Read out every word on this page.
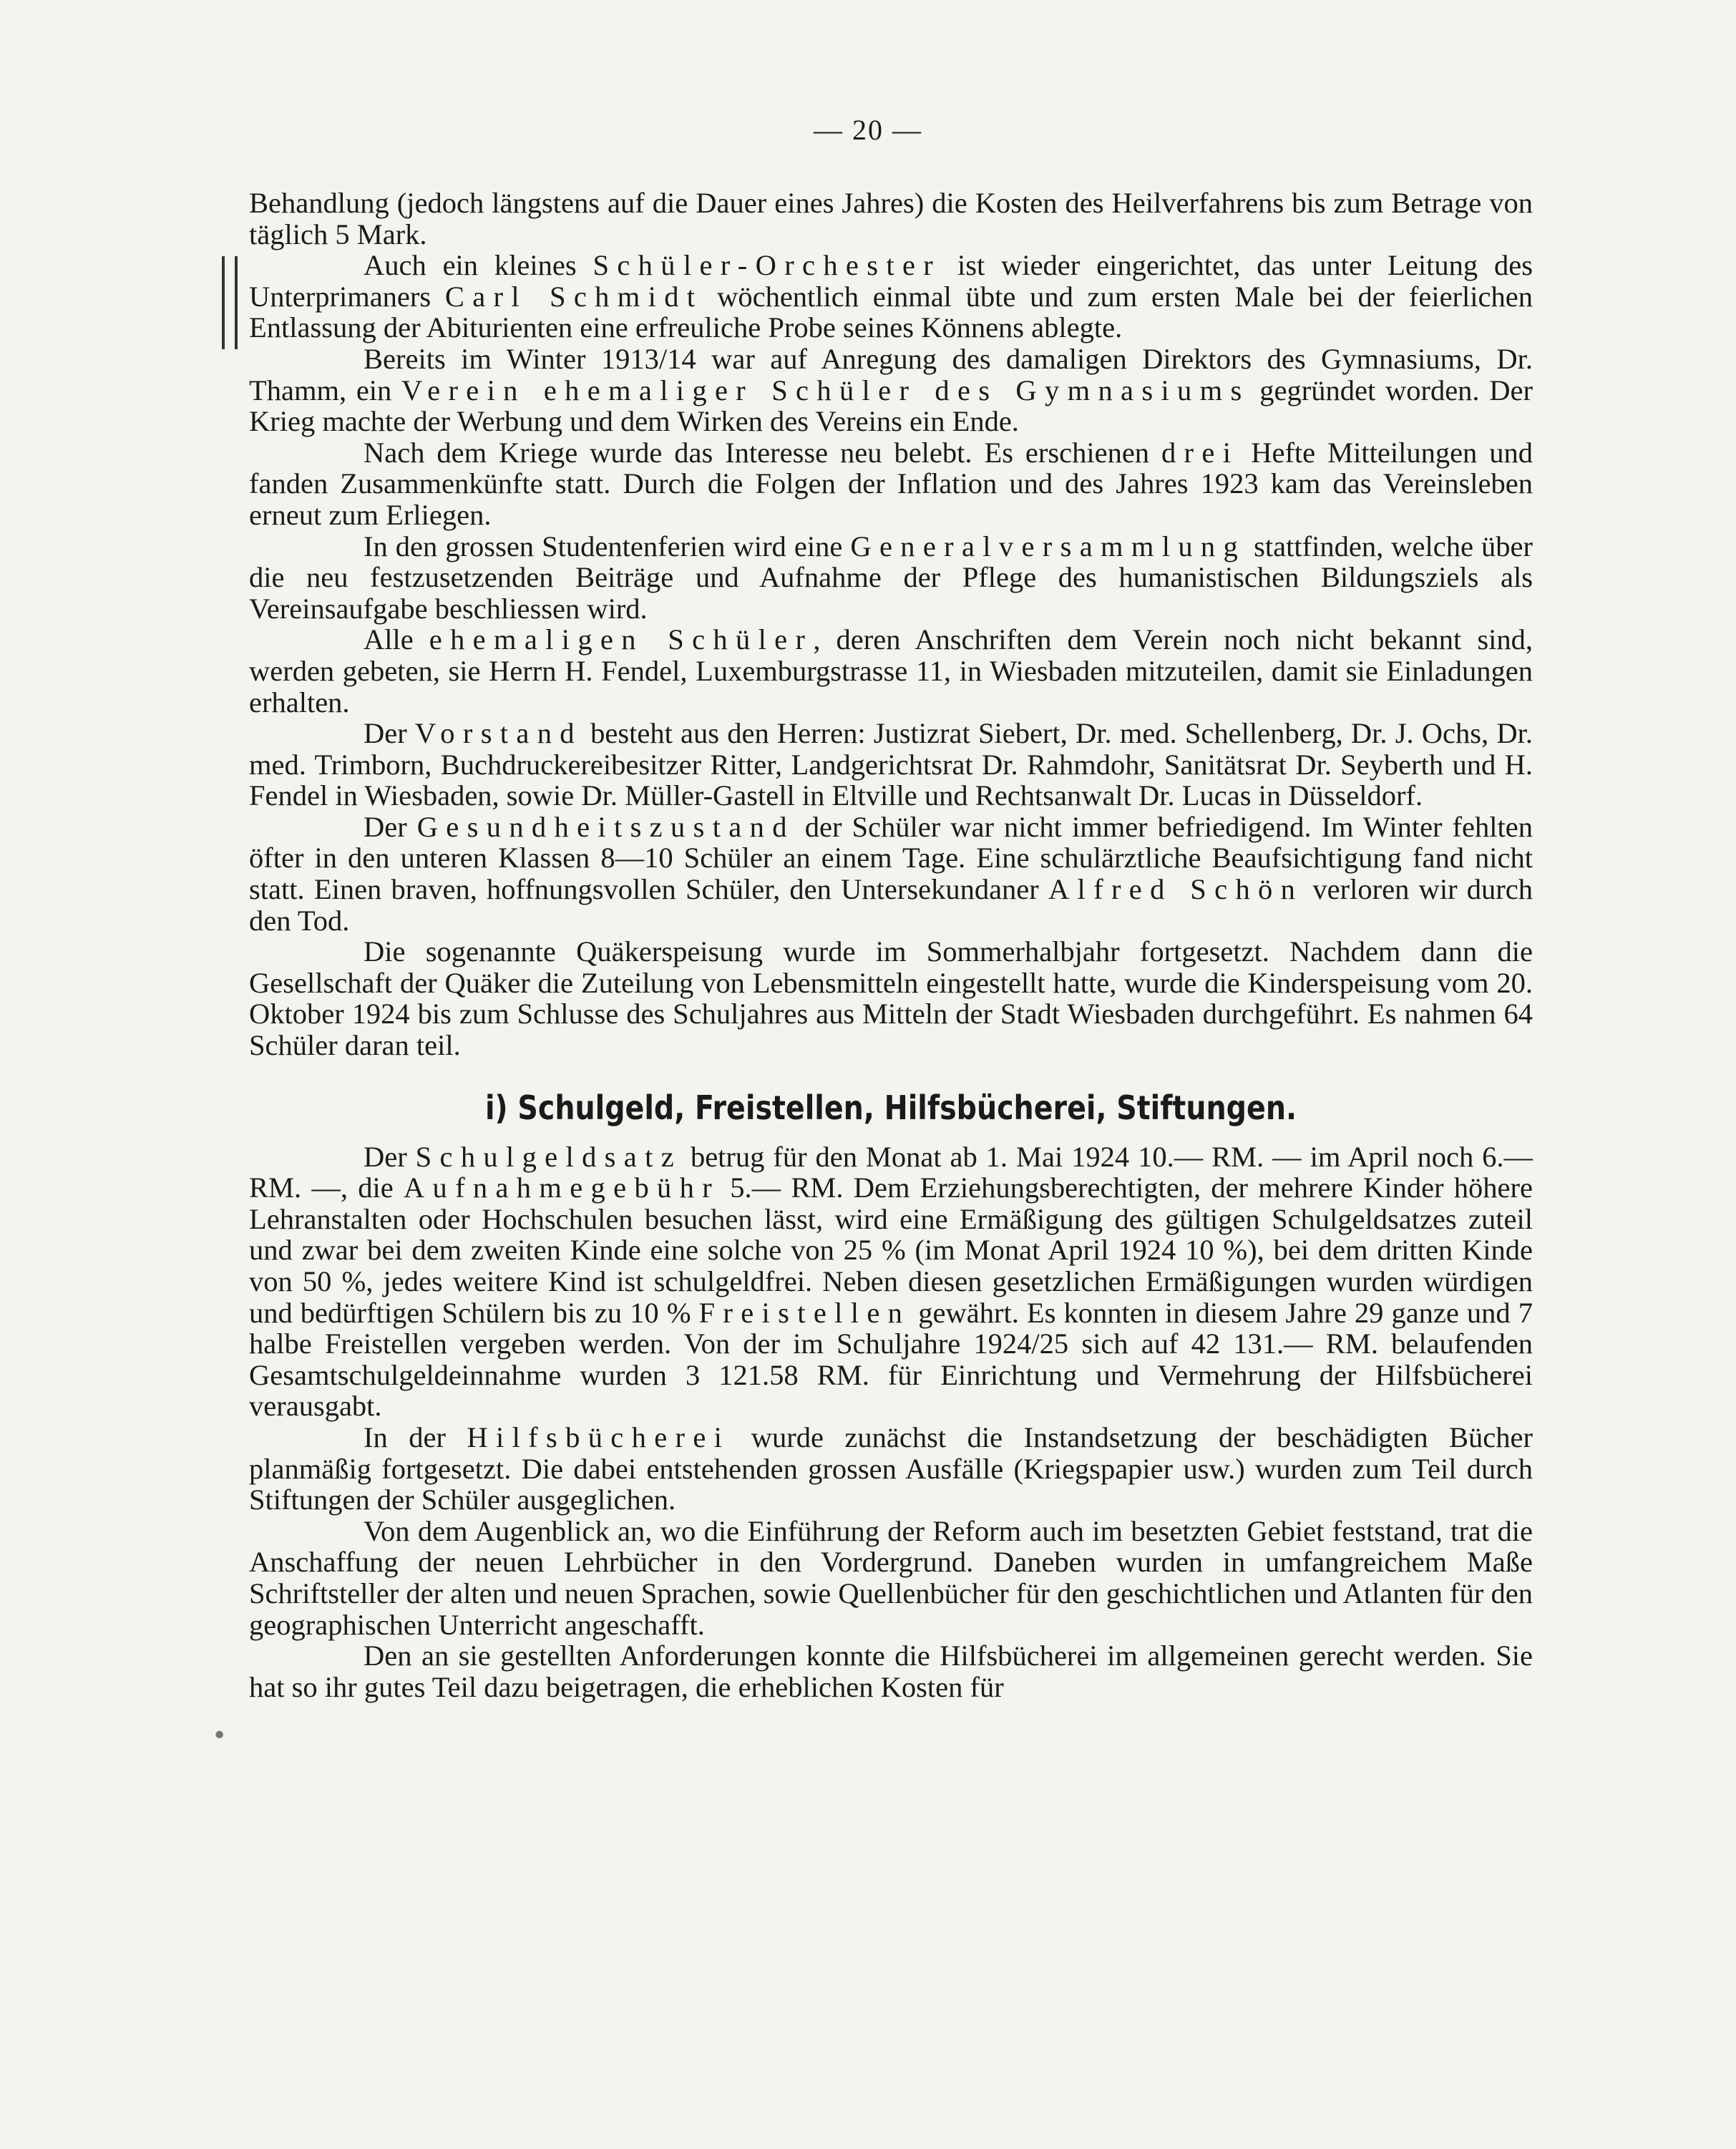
— 20 —
•

Behandlung (jedoch längstens auf die Dauer eines Jahres) die Kosten des Heilverfahrens bis zum Betrage von täglich 5 Mark.

Auch ein kleines Schüler-Orchester ist wieder eingerichtet, das unter Leitung des Unterprimaners Carl Schmidt wöchentlich einmal übte und zum ersten Male bei der feierlichen Entlassung der Abiturienten eine erfreuliche Probe seines Könnens ablegte.

Bereits im Winter 1913/14 war auf Anregung des damaligen Direktors des Gymnasiums, Dr. Thamm, ein Verein ehemaliger Schüler des Gymnasiums gegründet worden. Der Krieg machte der Werbung und dem Wirken des Vereins ein Ende.

Nach dem Kriege wurde das Interesse neu belebt. Es erschienen drei Hefte Mitteilungen und fanden Zusammenkünfte statt. Durch die Folgen der Inflation und des Jahres 1923 kam das Vereinsleben erneut zum Erliegen.

In den grossen Studentenferien wird eine Generalversammlung stattfinden, welche über die neu festzusetzenden Beiträge und Aufnahme der Pflege des humanistischen Bildungsziels als Vereinsaufgabe beschliessen wird.

Alle ehemaligen Schüler, deren Anschriften dem Verein noch nicht bekannt sind, werden gebeten, sie Herrn H. Fendel, Luxemburgstrasse 11, in Wiesbaden mitzuteilen, damit sie Einladungen erhalten.

Der Vorstand besteht aus den Herren: Justizrat Siebert, Dr. med. Schellenberg, Dr. J. Ochs, Dr. med. Trimborn, Buchdruckereibesitzer Ritter, Landgerichtsrat Dr. Rahmdohr, Sanitätsrat Dr. Seyberth und H. Fendel in Wiesbaden, sowie Dr. Müller-Gastell in Eltville und Rechtsanwalt Dr. Lucas in Düsseldorf.

Der Gesundheitszustand der Schüler war nicht immer befriedigend. Im Winter fehlten öfter in den unteren Klassen 8—10 Schüler an einem Tage. Eine schulärztliche Beaufsichtigung fand nicht statt. Einen braven, hoffnungsvollen Schüler, den Untersekundaner Alfred Schön verloren wir durch den Tod.

Die sogenannte Quäkerspeisung wurde im Sommerhalbjahr fortgesetzt. Nachdem dann die Gesellschaft der Quäker die Zuteilung von Lebensmitteln eingestellt hatte, wurde die Kinderspeisung vom 20. Oktober 1924 bis zum Schlusse des Schuljahres aus Mitteln der Stadt Wiesbaden durchgeführt. Es nahmen 64 Schüler daran teil.

i) Schulgeld, Freistellen, Hilfsbücherei, Stiftungen.

Der Schulgeldsatz betrug für den Monat ab 1. Mai 1924 10.— RM. — im April noch 6.— RM. —, die Aufnahmegebühr 5.— RM. Dem Erziehungsberechtigten, der mehrere Kinder höhere Lehranstalten oder Hochschulen besuchen lässt, wird eine Ermäßigung des gültigen Schulgeldsatzes zuteil und zwar bei dem zweiten Kinde eine solche von 25 % (im Monat April 1924 10 %), bei dem dritten Kinde von 50 %, jedes weitere Kind ist schulgeldfrei. Neben diesen gesetzlichen Ermäßigungen wurden würdigen und bedürftigen Schülern bis zu 10 % Freistellen gewährt. Es konnten in diesem Jahre 29 ganze und 7 halbe Freistellen vergeben werden. Von der im Schuljahre 1924/25 sich auf 42 131.— RM. belaufenden Gesamtschulgeldeinnahme wurden 3 121.58 RM. für Einrichtung und Vermehrung der Hilfsbücherei verausgabt.

In der Hilfsbücherei wurde zunächst die Instandsetzung der beschädigten Bücher planmäßig fortgesetzt. Die dabei entstehenden grossen Ausfälle (Kriegspapier usw.) wurden zum Teil durch Stiftungen der Schüler ausgeglichen.

Von dem Augenblick an, wo die Einführung der Reform auch im besetzten Gebiet feststand, trat die Anschaffung der neuen Lehrbücher in den Vordergrund. Daneben wurden in umfangreichem Maße Schriftsteller der alten und neuen Sprachen, sowie Quellenbücher für den geschichtlichen und Atlanten für den geographischen Unterricht angeschafft.

Den an sie gestellten Anforderungen konnte die Hilfsbücherei im allgemeinen gerecht werden. Sie hat so ihr gutes Teil dazu beigetragen, die erheblichen Kosten für
